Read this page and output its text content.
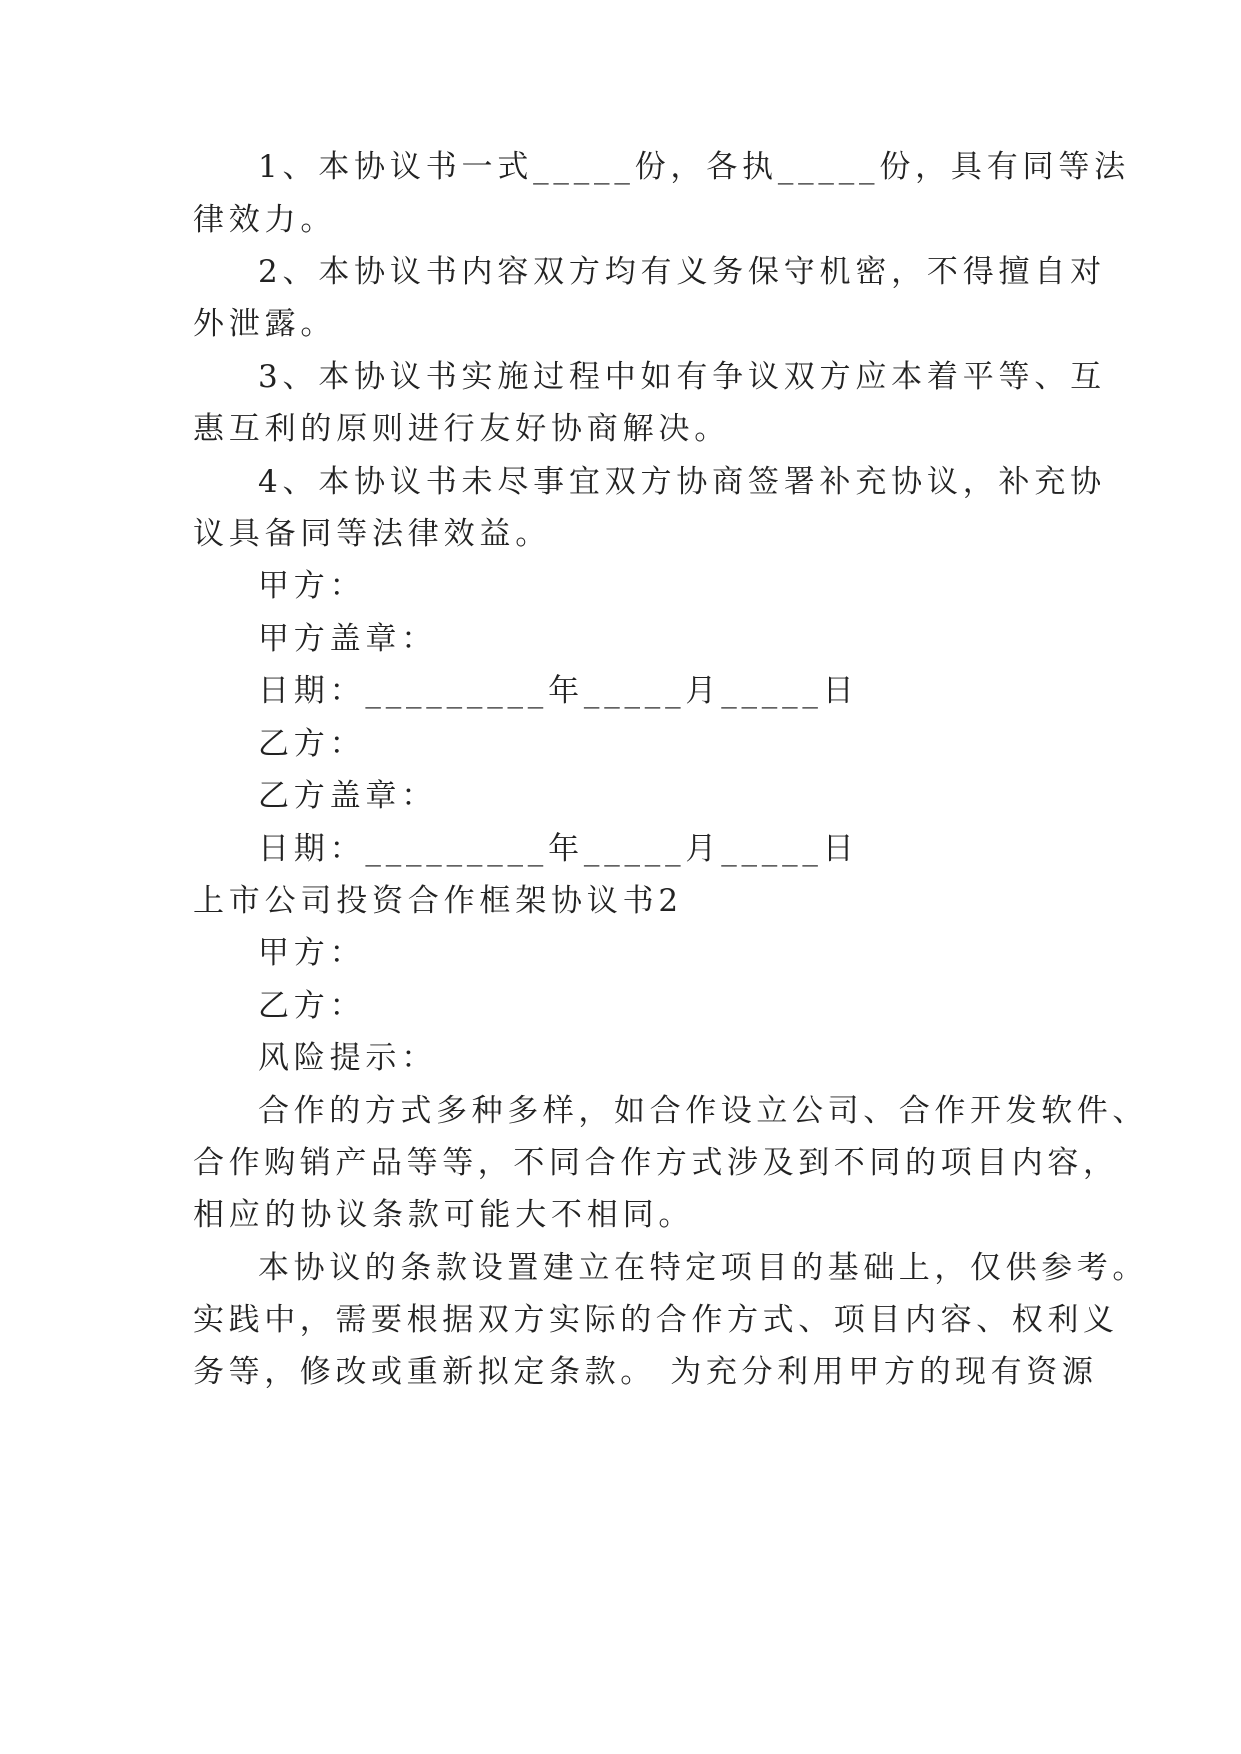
1、本协议书一式_____份，各执_____份，具有同等法
律效力。
2、本协议书内容双方均有义务保守机密，不得擅自对
外泄露。
3、本协议书实施过程中如有争议双方应本着平等、互
惠互利的原则进行友好协商解决。
4、本协议书未尽事宜双方协商签署补充协议，补充协
议具备同等法律效益。
甲方：
甲方盖章：
日期：_________年_____月_____日
乙方：
乙方盖章：
日期：_________年_____月_____日
上市公司投资合作框架协议书2
甲方：
乙方：
风险提示：
合作的方式多种多样，如合作设立公司、合作开发软件、
合作购销产品等等，不同合作方式涉及到不同的项目内容，
相应的协议条款可能大不相同。
本协议的条款设置建立在特定项目的基础上，仅供参考。
实践中，需要根据双方实际的合作方式、项目内容、权利义
务等，修改或重新拟定条款。 为充分利用甲方的现有资源
